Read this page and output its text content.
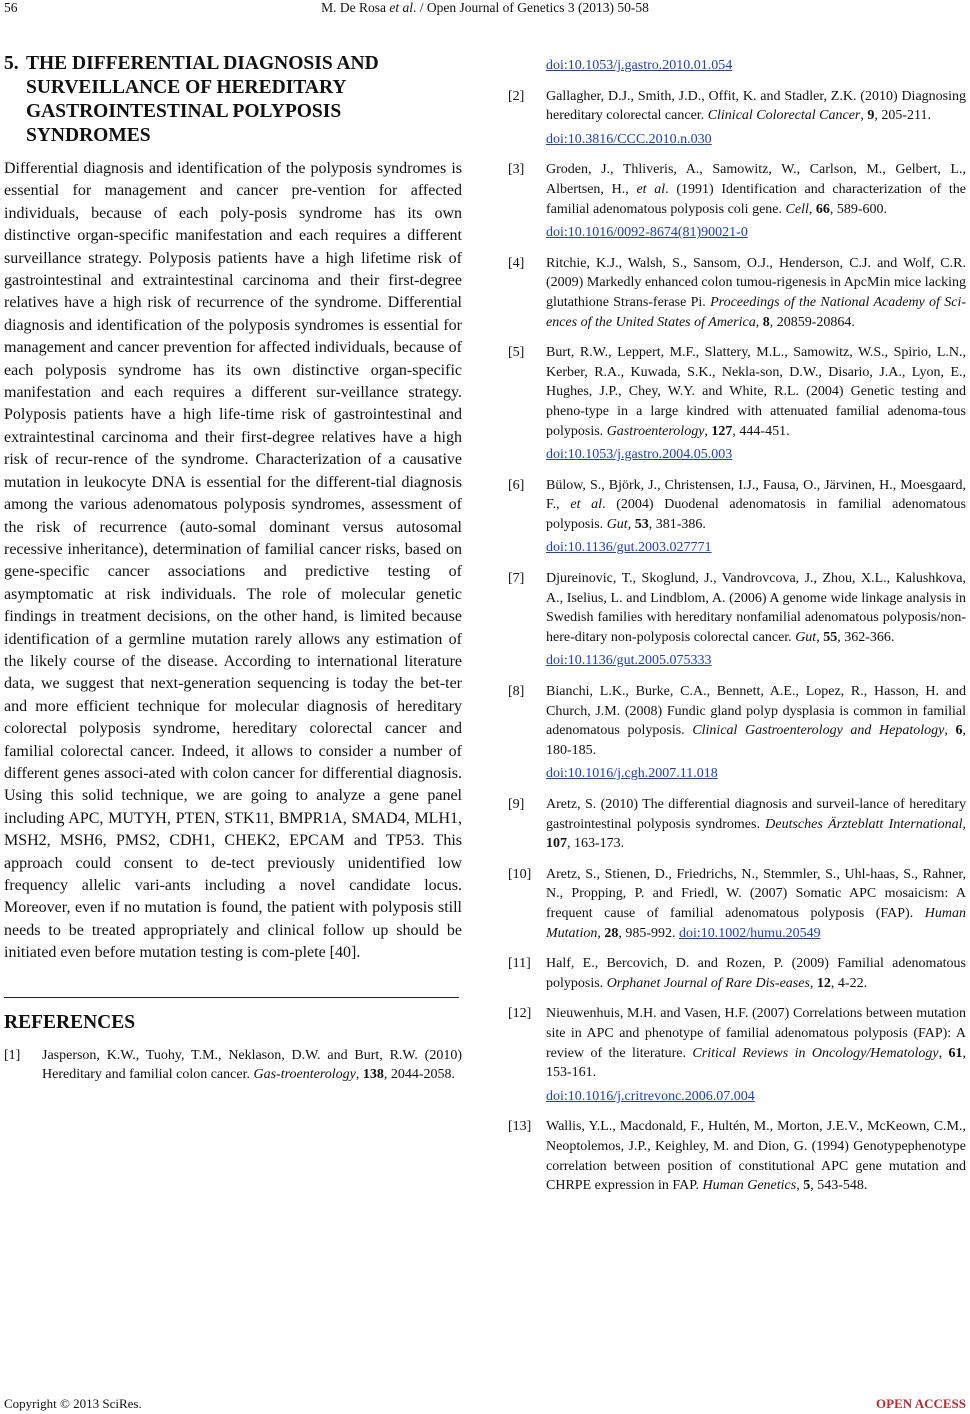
56	M. De Rosa et al. / Open Journal of Genetics 3 (2013) 50-58
5. THE DIFFERENTIAL DIAGNOSIS AND
SURVEILLANCE OF HEREDITARY
GASTROINTESTINAL POLYPOSIS
SYNDROMES

Differential diagnosis and identification of the polyposis syndromes is essential for management and cancer pre-vention for affected individuals, because of each poly-posis syndrome has its own distinctive organ-specific manifestation and each requires a different surveillance strategy. Polyposis patients have a high lifetime risk of gastrointestinal and extraintestinal carcinoma and their first-degree relatives have a high risk of recurrence of the syndrome. Differential diagnosis and identification of the polyposis syndromes is essential for management and cancer prevention for affected individuals, because of each polyposis syndrome has its own distinctive organ-specific manifestation and each requires a different sur-veillance strategy. Polyposis patients have a high life-time risk of gastrointestinal and extraintestinal carcinoma and their first-degree relatives have a high risk of recur-rence of the syndrome. Characterization of a causative mutation in leukocyte DNA is essential for the different-tial diagnosis among the various adenomatous polyposis syndromes, assessment of the risk of recurrence (auto-somal dominant versus autosomal recessive inheritance), determination of familial cancer risks, based on gene-specific cancer associations and predictive testing of asymptomatic at risk individuals. The role of molecular genetic findings in treatment decisions, on the other hand, is limited because identification of a germline mutation rarely allows any estimation of the likely course of the disease. According to international literature data, we suggest that next-generation sequencing is today the bet-ter and more efficient technique for molecular diagnosis of hereditary colorectal polyposis syndrome, hereditary colorectal cancer and familial colorectal cancer. Indeed, it allows to consider a number of different genes associ-ated with colon cancer for differential diagnosis. Using this solid technique, we are going to analyze a gene panel including APC, MUTYH, PTEN, STK11, BMPR1A, SMAD4, MLH1, MSH2, MSH6, PMS2, CDH1, CHEK2, EPCAM and TP53. This approach could consent to de-tect previously unidentified low frequency allelic vari-ants including a novel candidate locus. Moreover, even if no mutation is found, the patient with polyposis still needs to be treated appropriately and clinical follow up should be initiated even before mutation testing is com-plete [40].

REFERENCES
[1] Jasperson, K.W., Tuohy, T.M., Neklason, D.W. and Burt, R.W. (2010) Hereditary and familial colon cancer. Gas-troenterology, 138, 2044-2058.
doi:10.1053/j.gastro.2010.01.054
[2] Gallagher, D.J., Smith, J.D., Offit, K. and Stadler, Z.K. (2010) Diagnosing hereditary colorectal cancer. Clinical Colorectal Cancer, 9, 205-211.
doi:10.3816/CCC.2010.n.030
[3] Groden, J., Thliveris, A., Samowitz, W., Carlson, M., Gelbert, L., Albertsen, H., et al. (1991) Identification and characterization of the familial adenomatous polyposis coli gene. Cell, 66, 589-600.
doi:10.1016/0092-8674(81)90021-0
[4] Ritchie, K.J., Walsh, S., Sansom, O.J., Henderson, C.J. and Wolf, C.R. (2009) Markedly enhanced colon tumou-rigenesis in ApcMin mice lacking glutathione Strans-ferase Pi. Proceedings of the National Academy of Sci-ences of the United States of America, 8, 20859-20864.
[5] Burt, R.W., Leppert, M.F., Slattery, M.L., Samowitz, W.S., Spirio, L.N., Kerber, R.A., Kuwada, S.K., Nekla-son, D.W., Disario, J.A., Lyon, E., Hughes, J.P., Chey, W.Y. and White, R.L. (2004) Genetic testing and pheno-type in a large kindred with attenuated familial adenoma-tous polyposis. Gastroenterology, 127, 444-451.
doi:10.1053/j.gastro.2004.05.003
[6] Bülow, S., Björk, J., Christensen, I.J., Fausa, O., Järvinen, H., Moesgaard, F., et al. (2004) Duodenal adenomatosis in familial adenomatous polyposis. Gut, 53, 381-386.
doi:10.1136/gut.2003.027771
[7] Djureinovic, T., Skoglund, J., Vandrovcova, J., Zhou, X.L., Kalushkova, A., Iselius, L. and Lindblom, A. (2006) A genome wide linkage analysis in Swedish families with hereditary nonfamilial adenomatous polyposis/non-here-ditary non-polyposis colorectal cancer. Gut, 55, 362-366.
doi:10.1136/gut.2005.075333
[8] Bianchi, L.K., Burke, C.A., Bennett, A.E., Lopez, R., Hasson, H. and Church, J.M. (2008) Fundic gland polyp dysplasia is common in familial adenomatous polyposis. Clinical Gastroenterology and Hepatology, 6, 180-185.
doi:10.1016/j.cgh.2007.11.018
[9] Aretz, S. (2010) The differential diagnosis and surveil-lance of hereditary gastrointestinal polyposis syndromes. Deutsches Ärzteblatt International, 107, 163-173.
[10] Aretz, S., Stienen, D., Friedrichs, N., Stemmler, S., Uhl-haas, S., Rahner, N., Propping, P. and Friedl, W. (2007) Somatic APC mosaicism: A frequent cause of familial adenomatous polyposis (FAP). Human Mutation, 28, 985-992. doi:10.1002/humu.20549
[11] Half, E., Bercovich, D. and Rozen, P. (2009) Familial adenomatous polyposis. Orphanet Journal of Rare Dis-eases, 12, 4-22.
[12] Nieuwenhuis, M.H. and Vasen, H.F. (2007) Correlations between mutation site in APC and phenotype of familial adenomatous polyposis (FAP): A review of the literature. Critical Reviews in Oncology/Hematology, 61, 153-161.
doi:10.1016/j.critrevonc.2006.07.004
[13] Wallis, Y.L., Macdonald, F., Hultén, M., Morton, J.E.V., McKeown, C.M., Neoptolemos, J.P., Keighley, M. and Dion, G. (1994) Genotypephenotype correlation between position of constitutional APC gene mutation and CHRPE expression in FAP. Human Genetics, 5, 543-548.
Copyright © 2013 SciRes.	OPEN ACCESS
